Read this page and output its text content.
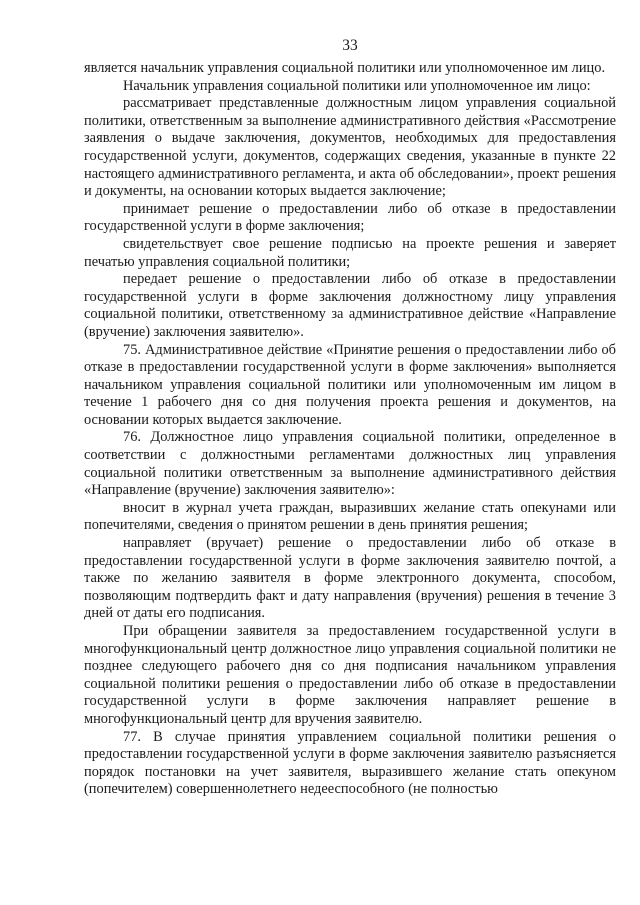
33

является начальник управления социальной политики или уполномоченное им лицо.

Начальник управления социальной политики или уполномоченное им лицо:

рассматривает представленные должностным лицом управления социальной политики, ответственным за выполнение административного действия «Рассмотрение заявления о выдаче заключения, документов, необходимых для предоставления государственной услуги, документов, содержащих сведения, указанные в пункте 22 настоящего административного регламента, и акта об обследовании», проект решения и документы, на основании которых выдается заключение;

принимает решение о предоставлении либо об отказе в предоставлении государственной услуги в форме заключения;

свидетельствует свое решение подписью на проекте решения и заверяет печатью управления социальной политики;

передает решение о предоставлении либо об отказе в предоставлении государственной услуги в форме заключения должностному лицу управления социальной политики, ответственному за административное действие «Направление (вручение) заключения заявителю».

75. Административное действие «Принятие решения о предоставлении либо об отказе в предоставлении государственной услуги в форме заключения» выполняется начальником управления социальной политики или уполномоченным им лицом в течение 1 рабочего дня со дня получения проекта решения и документов, на основании которых выдается заключение.

76. Должностное лицо управления социальной политики, определенное в соответствии с должностными регламентами должностных лиц управления социальной политики ответственным за выполнение административного действия «Направление (вручение) заключения заявителю»:

вносит в журнал учета граждан, выразивших желание стать опекунами или попечителями, сведения о принятом решении в день принятия решения;

направляет (вручает) решение о предоставлении либо об отказе в предоставлении государственной услуги в форме заключения заявителю почтой, а также по желанию заявителя в форме электронного документа, способом, позволяющим подтвердить факт и дату направления (вручения) решения в течение 3 дней от даты его подписания.

При обращении заявителя за предоставлением государственной услуги в многофункциональный центр должностное лицо управления социальной политики не позднее следующего рабочего дня со дня подписания начальником управления социальной политики решения о предоставлении либо об отказе в предоставлении государственной услуги в форме заключения направляет решение в многофункциональный центр для вручения заявителю.

77. В случае принятия управлением социальной политики решения о предоставлении государственной услуги в форме заключения заявителю разъясняется порядок постановки на учет заявителя, выразившего желание стать опекуном (попечителем) совершеннолетнего недееспособного (не полностью
